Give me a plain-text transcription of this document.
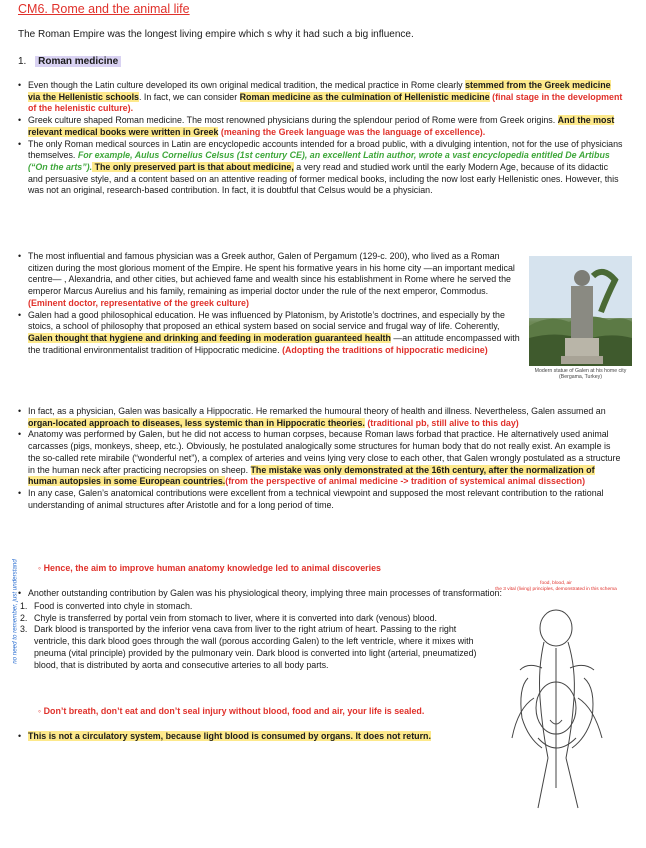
CM6. Rome and the animal life
The Roman Empire was the longest living empire which s why it had such a big influence.
1. Roman medicine

• Even though the Latin culture developed its own original medical tradition, the medical practice in Rome clearly stemmed from the Greek medicine via the Hellenistic schools. In fact, we can consider Roman medicine as the culmination of Hellenistic medicine (final stage in the development of the helenistic culture).

• Greek culture shaped Roman medicine. The most renowned physicians during the splendour period of Rome were from Greek origins. And the most relevant medical books were written in Greek (meaning the Greek language was the language of excellence).

• The only Roman medical sources in Latin are encyclopedic accounts intended for a broad public, with a divulging intention, not for the use of physicians themselves. For example, Aulus Cornelius Celsus (1st century CE), an excellent Latin author, wrote a vast encyclopedia entitled De Artibus (“On the arts”). The only preserved part is that about medicine, a very read and studied work until the early Modern Age, because of its didactic and persuasive style, and a content based on an attentive reading of former medical books, including the now lost early Hellenistic ones. However, this was not an original, research-based contribution. In fact, it is doubtful that Celsus would be a physician.

• The most influential and famous physician was a Greek author, Galen of Pergamum (129-c. 200), who lived as a Roman citizen during the most glorious moment of the Empire. He spent his formative years in his home city —an important medical centre— , Alexandria, and other cities, but achieved fame and wealth since his establishment in Rome where he served the emperor Marcus Aurelius and his family, remaining as imperial doctor under the rule of the next emperor, Commodus. (Eminent doctor, representative of the greek culture)

• Galen had a good philosophical education. He was influenced by Platonism, by Aristotle’s doctrines, and especially by the stoics, a school of philosophy that proposed an ethical system based on social service and frugal way of life. Coherently, Galen thought that hygiene and drinking and feeding in moderation guaranteed health —an attitude encompassed with the traditional environmentalist tradition of Hippocratic medicine. (Adopting the traditions of hippocratic medicine)

Modern statue of Galen at his home city (Bergama, Turkey)

• In fact, as a physician, Galen was basically a Hippocratic. He remarked the humoural theory of health and illness. Nevertheless, Galen assumed an organ-located approach to diseases, less systemic than in Hippocratic theories. (traditional pb, still alive to this day)

• Anatomy was performed by Galen, but he did not access to human corpses, because Roman laws forbad that practice. He alternatively used animal carcasses (pigs, monkeys, sheep, etc.). Obviously, he postulated analogically some structures for human body that do not really exist. An example is the so-called rete mirabile (“wonderful net”), a complex of arteries and veins lying very close to each other, that Galen wrongly postulated as a structure in the human neck after practicing necropsies on sheep. The mistake was only demonstrated at the 16th century, after the normalization of human autopsies in some European countries.(from the perspective of animal medicine -> tradition of systemical animal dissection)

• In any case, Galen’s anatomical contributions were excellent from a technical viewpoint and supposed the most relevant contribution to the rational understanding of animal structures after Aristotle and for a long period of time.

◦ Hence, the aim to improve human anatomy knowledge led to animal discoveries

• Another outstanding contribution by Galen was his physiological theory, implying three main processes of transformation:

1. Food is converted into chyle in stomach.
2. Chyle is transferred by portal vein from stomach to liver, where it is converted into dark (venous) blood.
3. Dark blood is transported by the inferior vena cava from liver to the right atrium of heart. Passing to the right ventricle, this dark blood goes through the wall (porous according Galen) to the left ventricle, where it mixes with pneuma (vital principle) provided by the pulmonary vein. Dark blood is converted into light (arterial, pneumatized) blood, that is distributed by aorta and consecutive arteries to all body parts.
◦ Don’t breath, don’t eat and don’t seal injury without blood, food and air, your life is sealed.

• This is not a circulatory system, because light blood is consumed by organs. It does not return.

food, blood, air
the 3 vital (living) principles, demonstrated in this schema
no need to remember, just understand
